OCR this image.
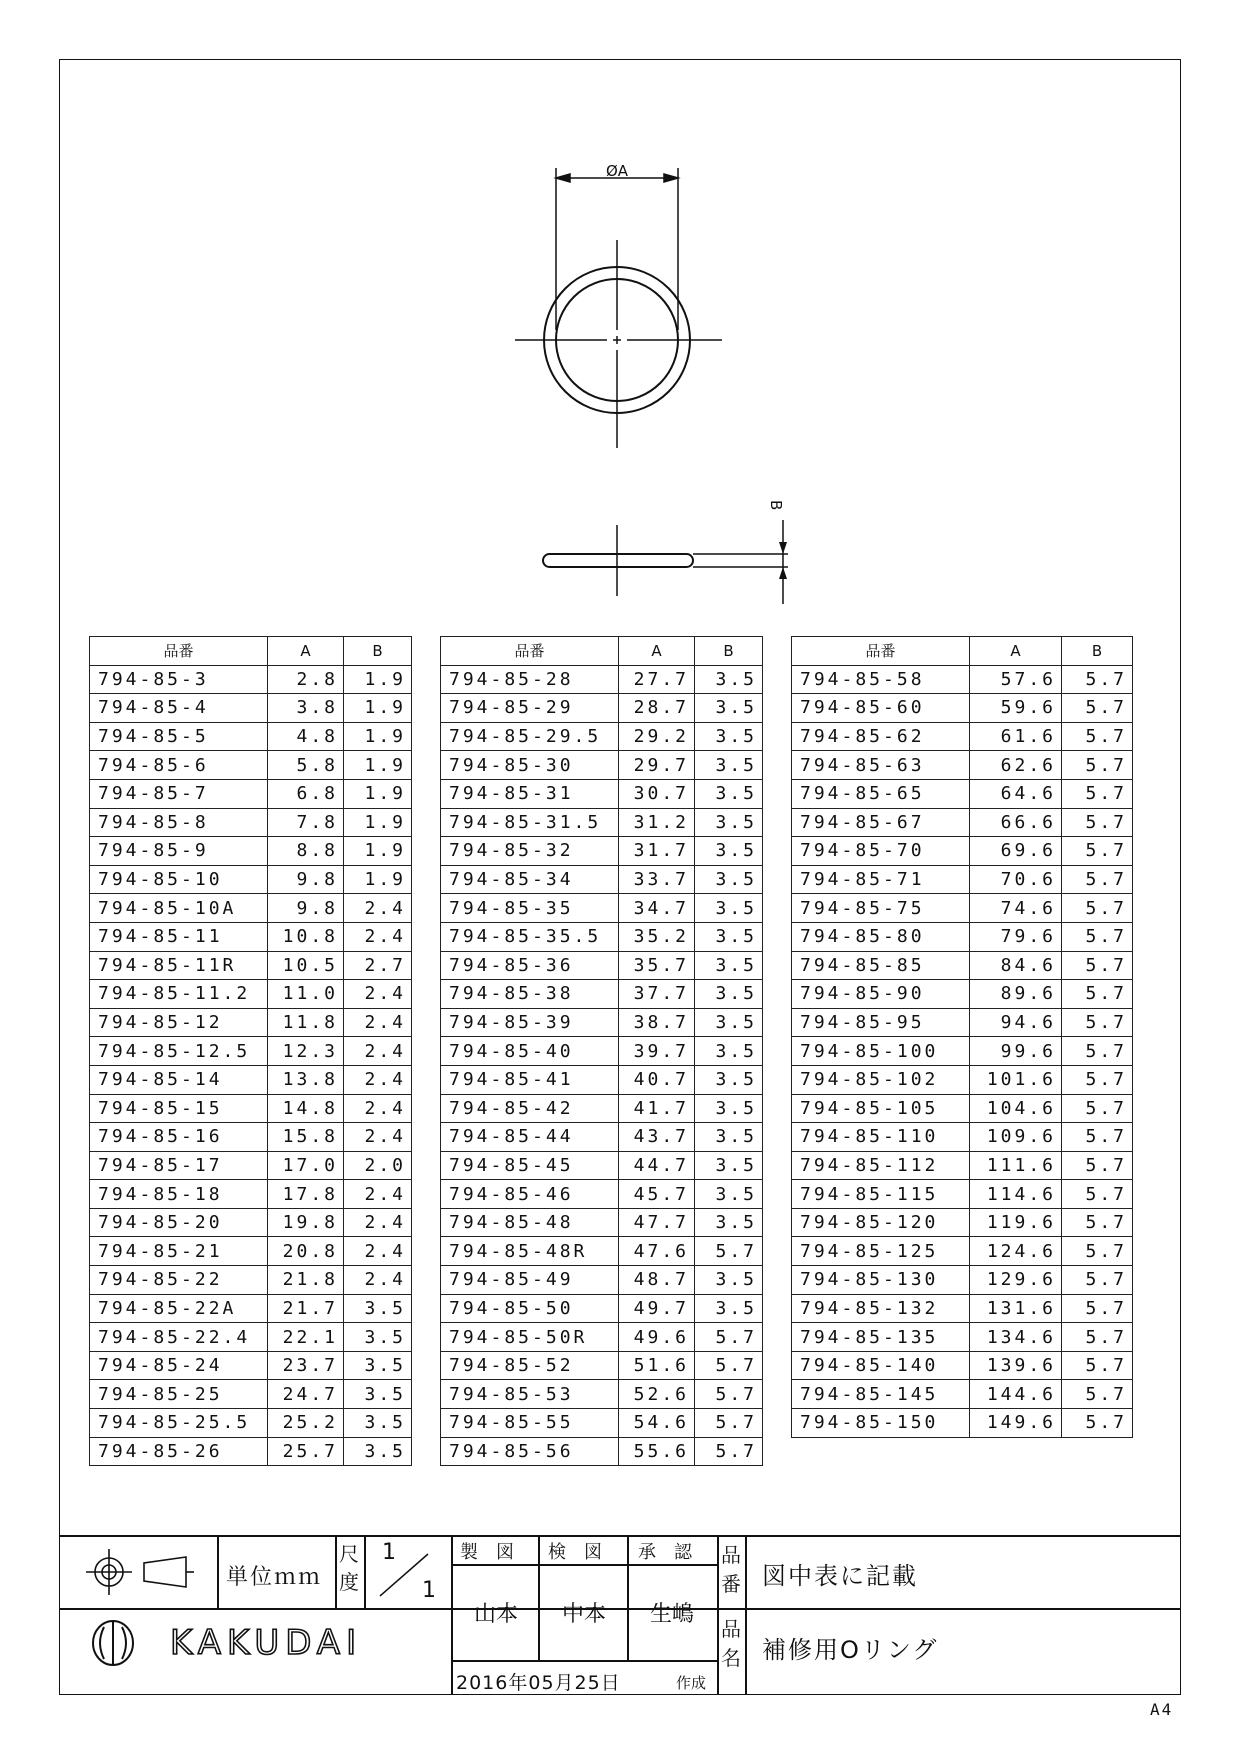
ØA
B
品番	A	B
794-85-3	2.8	1.9
794-85-4	3.8	1.9
794-85-5	4.8	1.9
794-85-6	5.8	1.9
794-85-7	6.8	1.9
794-85-8	7.8	1.9
794-85-9	8.8	1.9
794-85-10	9.8	1.9
794-85-10A	9.8	2.4
794-85-11	10.8	2.4
794-85-11R	10.5	2.7
794-85-11.2	11.0	2.4
794-85-12	11.8	2.4
794-85-12.5	12.3	2.4
794-85-14	13.8	2.4
794-85-15	14.8	2.4
794-85-16	15.8	2.4
794-85-17	17.0	2.0
794-85-18	17.8	2.4
794-85-20	19.8	2.4
794-85-21	20.8	2.4
794-85-22	21.8	2.4
794-85-22A	21.7	3.5
794-85-22.4	22.1	3.5
794-85-24	23.7	3.5
794-85-25	24.7	3.5
794-85-25.5	25.2	3.5
794-85-26	25.7	3.5
品番	A	B
794-85-28	27.7	3.5
794-85-29	28.7	3.5
794-85-29.5	29.2	3.5
794-85-30	29.7	3.5
794-85-31	30.7	3.5
794-85-31.5	31.2	3.5
794-85-32	31.7	3.5
794-85-34	33.7	3.5
794-85-35	34.7	3.5
794-85-35.5	35.2	3.5
794-85-36	35.7	3.5
794-85-38	37.7	3.5
794-85-39	38.7	3.5
794-85-40	39.7	3.5
794-85-41	40.7	3.5
794-85-42	41.7	3.5
794-85-44	43.7	3.5
794-85-45	44.7	3.5
794-85-46	45.7	3.5
794-85-48	47.7	3.5
794-85-48R	47.6	5.7
794-85-49	48.7	3.5
794-85-50	49.7	3.5
794-85-50R	49.6	5.7
794-85-52	51.6	5.7
794-85-53	52.6	5.7
794-85-55	54.6	5.7
794-85-56	55.6	5.7
品番	A	B
794-85-58	57.6	5.7
794-85-60	59.6	5.7
794-85-62	61.6	5.7
794-85-63	62.6	5.7
794-85-65	64.6	5.7
794-85-67	66.6	5.7
794-85-70	69.6	5.7
794-85-71	70.6	5.7
794-85-75	74.6	5.7
794-85-80	79.6	5.7
794-85-85	84.6	5.7
794-85-90	89.6	5.7
794-85-95	94.6	5.7
794-85-100	99.6	5.7
794-85-102	101.6	5.7
794-85-105	104.6	5.7
794-85-110	109.6	5.7
794-85-112	111.6	5.7
794-85-115	114.6	5.7
794-85-120	119.6	5.7
794-85-125	124.6	5.7
794-85-130	129.6	5.7
794-85-132	131.6	5.7
794-85-135	134.6	5.7
794-85-140	139.6	5.7
794-85-145	144.6	5.7
794-85-150	149.6	5.7
単位ｍｍ
尺度
1
1
KAKUDAI
製　図 検　図 承　認
山本 中本 生嶋
2016年05月25日	作成
品
番
品
名
図中表に記載
補修用Oリング
A4
